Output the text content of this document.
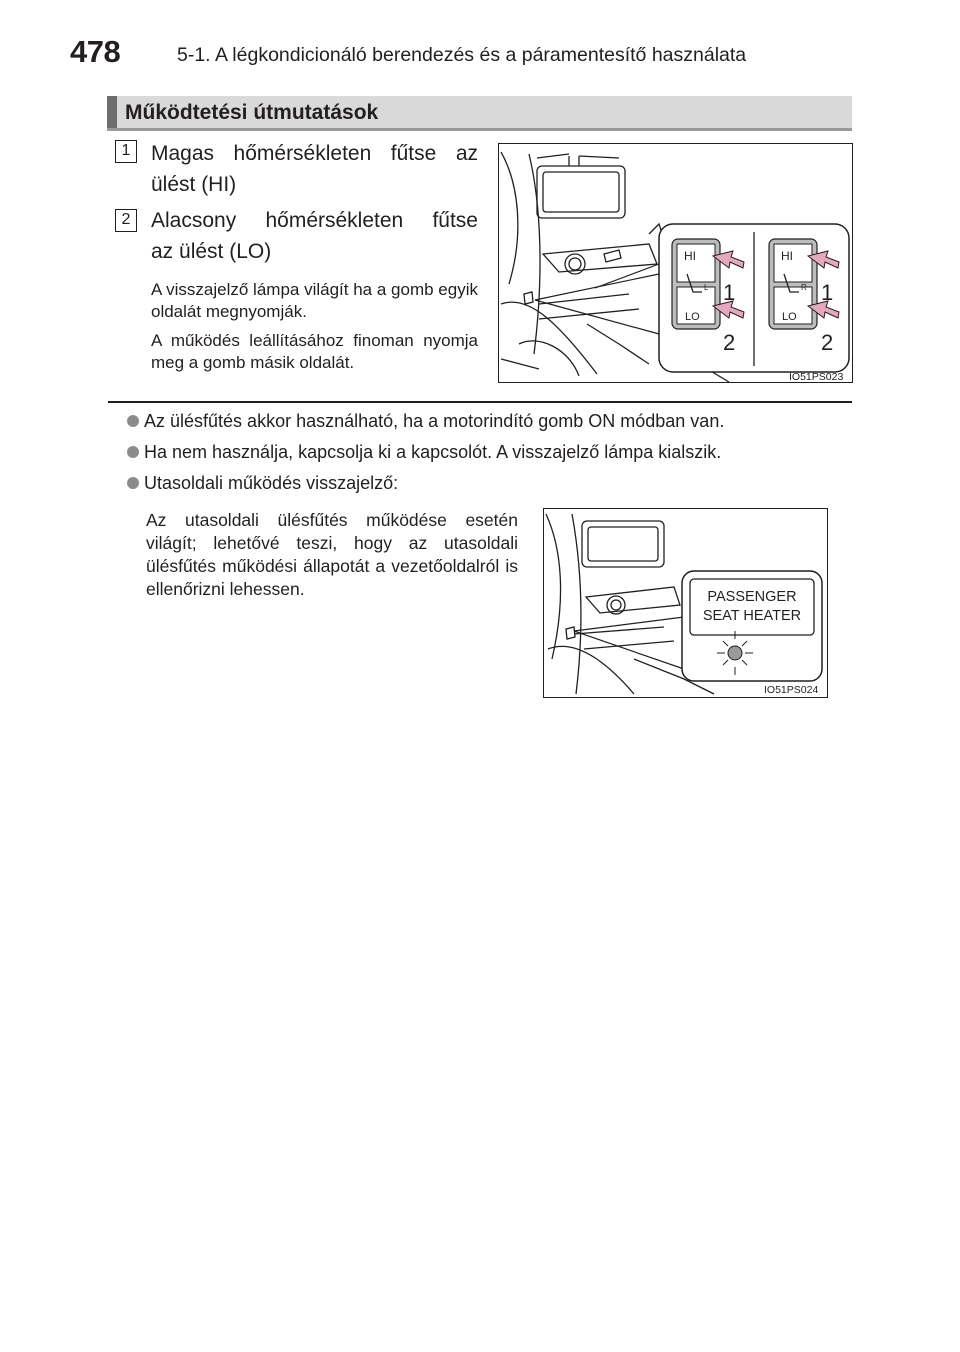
478	5-1. A légkondicionáló berendezés és a páramentesítő használata
Működtetési útmutatások
1 Magas hőmérsékleten fűtse az
ülést (HI)
2 Alacsony hőmérsékleten fűtse
az ülést (LO)
A visszajelző lámpa világít ha a gomb egyik oldalát megnyomják.
A működés leállításához finoman nyomja meg a gomb másik oldalát.
HI	HI
LO	LO
L	R
1
2
1
2
IO51PS023
Az ülésfűtés akkor használható, ha a motorindító gomb ON módban van.
Ha nem használja, kapcsolja ki a kapcsolót. A visszajelző lámpa kialszik.
Utasoldali működés visszajelző:
Az utasoldali ülésfűtés működése esetén világít; lehetővé teszi, hogy az utasoldali ülésfűtés működési állapotát a vezetőoldalról is ellenőrizni lehessen.	PASSENGER
SEAT HEATER
IO51PS024
